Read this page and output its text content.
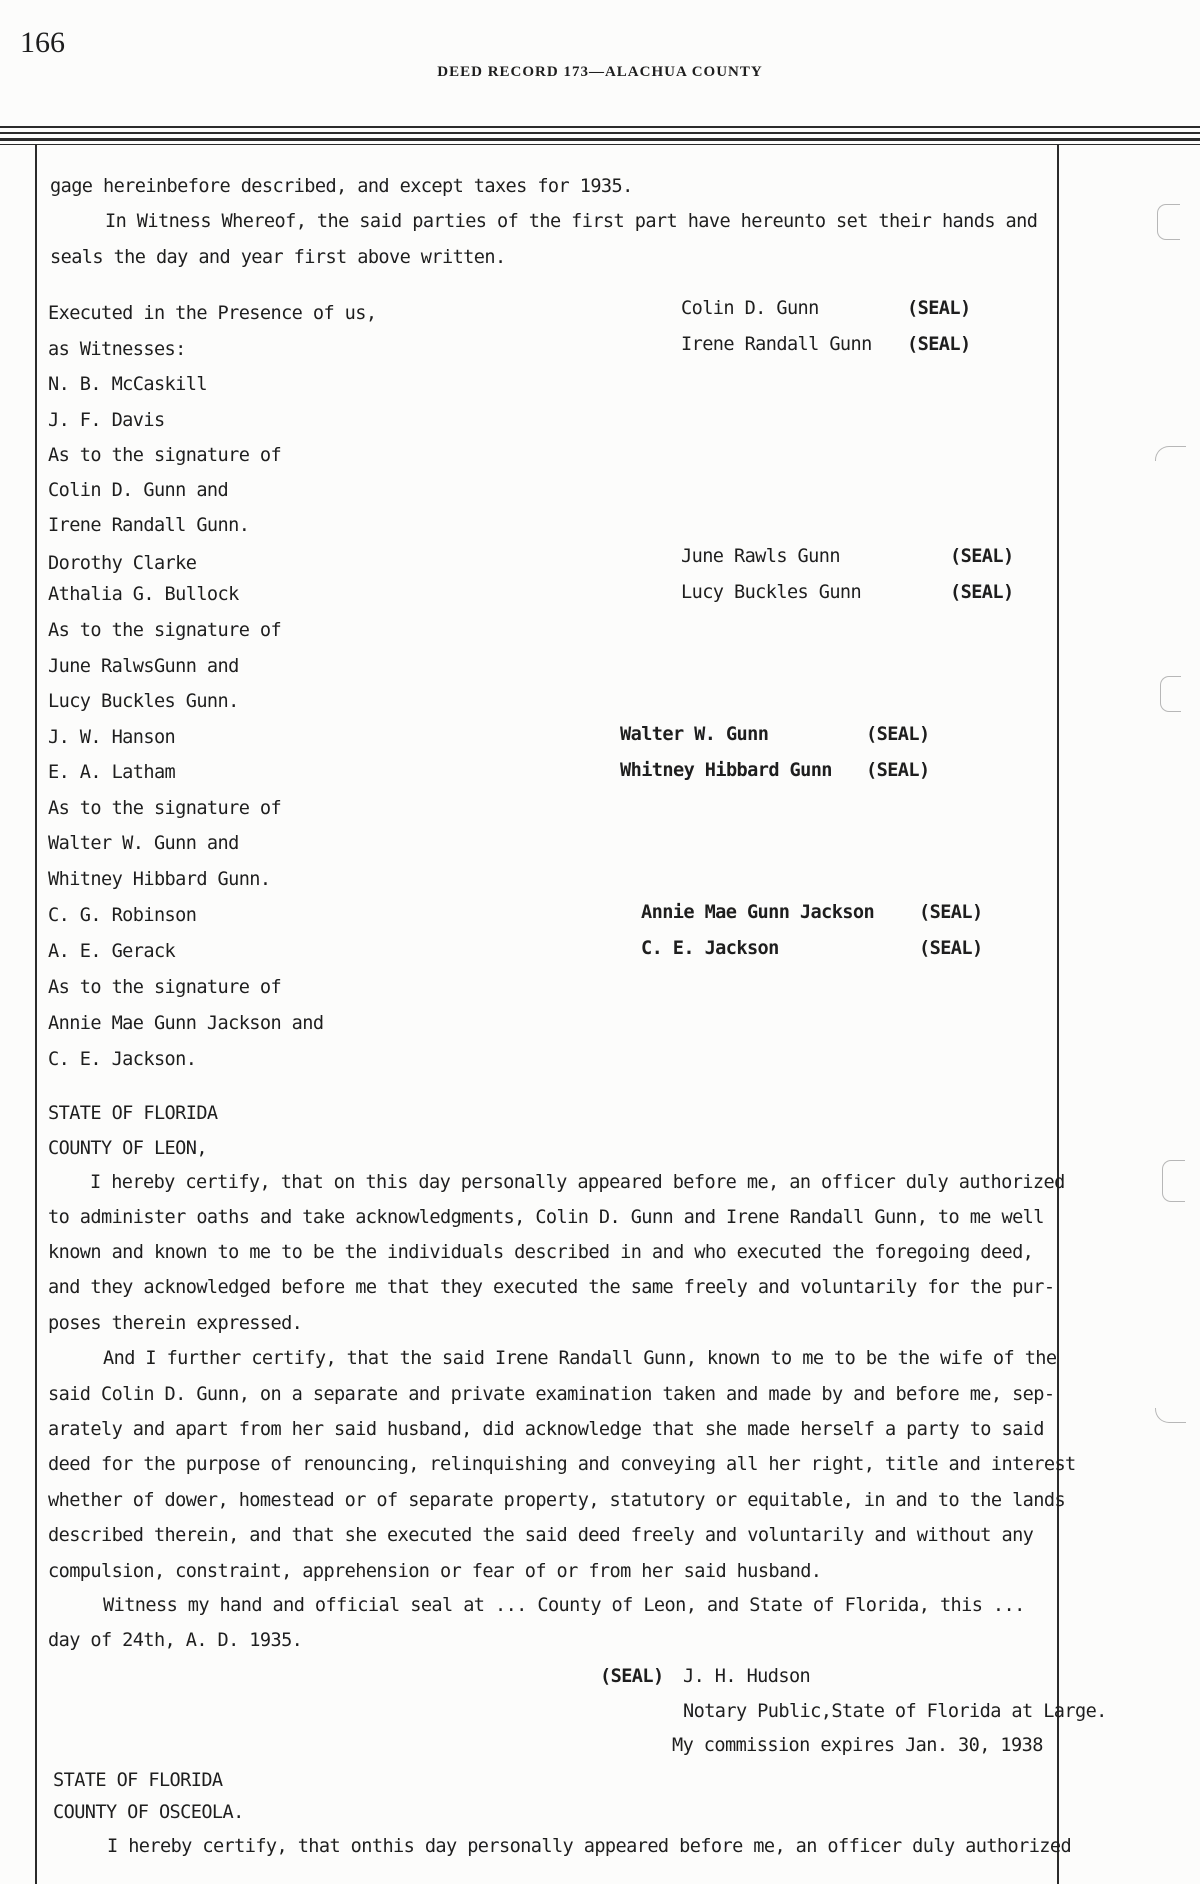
166
DEED RECORD 173—ALACHUA COUNTY
gage hereinbefore described, and except taxes for 1935.
In Witness Whereof, the said parties of the first part have hereunto set their hands and
seals the day and year first above written.
Executed in the Presence of us,
as Witnesses:
N. B. McCaskill
J. F. Davis
As to the signature of
Colin D. Gunn and
Irene Randall Gunn.
Dorothy Clarke
Athalia G. Bullock
As to the signature of
June RalwsGunn and
Lucy Buckles Gunn.
J. W. Hanson
E. A. Latham
As to the signature of
Walter W. Gunn and
Whitney Hibbard Gunn.
C. G. Robinson
A. E. Gerack
As to the signature of
Annie Mae Gunn Jackson and
C. E. Jackson.
Colin D. Gunn	(SEAL)
Irene Randall Gunn (SEAL)
June Rawls Gunn	(SEAL)
Lucy Buckles Gunn	(SEAL)
Walter W. Gunn	(SEAL)
Whitney Hibbard Gunn (SEAL)
Annie Mae Gunn Jackson (SEAL)
C. E. Jackson	(SEAL)
STATE OF FLORIDA
COUNTY OF LEON,
I hereby certify, that on this day personally appeared before me, an officer duly authorized
to administer oaths and take acknowledgments, Colin D. Gunn and Irene Randall Gunn, to me well
known and known to me to be the individuals described in and who executed the foregoing deed,
and they acknowledged before me that they executed the same freely and voluntarily for the pur-
poses therein expressed.
And I further certify, that the said Irene Randall Gunn, known to me to be the wife of the
said Colin D. Gunn, on a separate and private examination taken and made by and before me, sep-
arately and apart from her said husband, did acknowledge that she made herself a party to said
deed for the purpose of renouncing, relinquishing and conveying all her right, title and interest
whether of dower, homestead or of separate property, statutory or equitable, in and to the lands
described therein, and that she executed the said deed freely and voluntarily and without any
compulsion, constraint, apprehension or fear of or from her said husband.
Witness my hand and official seal at ... County of Leon, and State of Florida, this ...
day of 24th, A. D. 1935.
(SEAL) J. H. Hudson
Notary Public,State of Florida at Large.
My commission expires Jan. 30, 1938
STATE OF FLORIDA
COUNTY OF OSCEOLA.
I hereby certify, that onthis day personally appeared before me, an officer duly authorized
